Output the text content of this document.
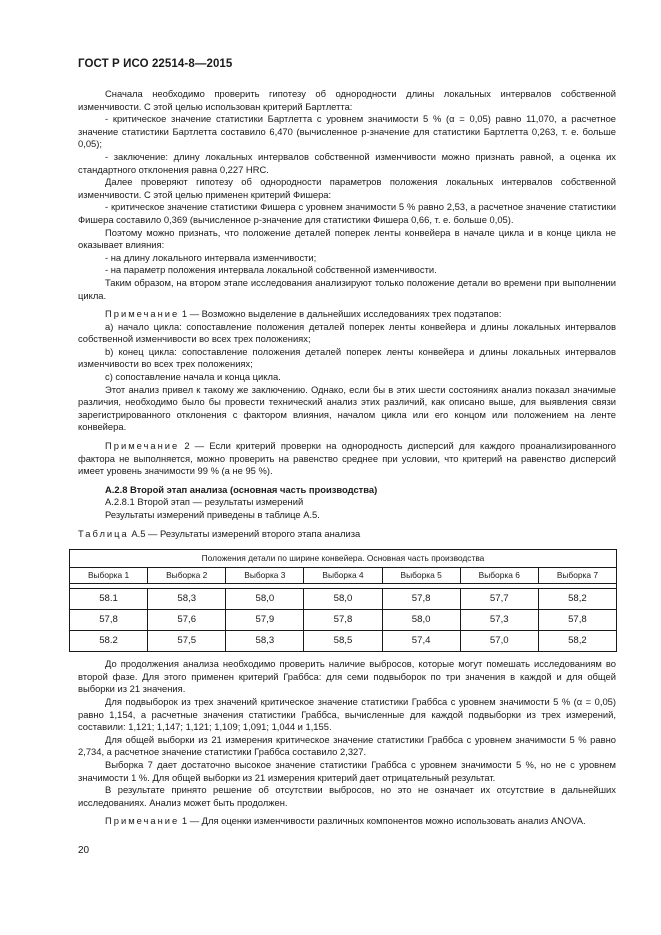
ГОСТ Р ИСО 22514-8—2015

Сначала необходимо проверить гипотезу об однородности длины локальных интервалов собственной изменчивости. С этой целью использован критерий Бартлетта:

- критическое значение статистики Бартлетта с уровнем значимости 5 % (α = 0,05) равно 11,070, а расчетное значение статистики Бартлетта составило 6,470 (вычисленное p-значение для статистики Бартлетта 0,263, т. е. больше 0,05);

- заключение: длину локальных интервалов собственной изменчивости можно признать равной, а оценка их стандартного отклонения равна 0,227 HRC.

Далее проверяют гипотезу об однородности параметров положения локальных интервалов собственной изменчивости. С этой целью применен критерий Фишера:

- критическое значение статистики Фишера с уровнем значимости 5 % равно 2,53, а расчетное значение статистики Фишера составило 0,369 (вычисленное p-значение для статистики Фишера 0,66, т. е. больше 0,05).

Поэтому можно признать, что положение деталей поперек ленты конвейера в начале цикла и в конце цикла не оказывает влияния:

- на длину локального интервала изменчивости;

- на параметр положения интервала локальной собственной изменчивости.

Таким образом, на втором этапе исследования анализируют только положение детали во времени при выполнении цикла.

Примечание 1 — Возможно выделение в дальнейших исследованиях трех подэтапов:

а) начало цикла: сопоставление положения деталей поперек ленты конвейера и длины локальных интервалов собственной изменчивости во всех трех положениях;

b) конец цикла: сопоставление положения деталей поперек ленты конвейера и длины локальных интервалов изменчивости во всех трех положениях;

с) сопоставление начала и конца цикла.

Этот анализ привел к такому же заключению. Однако, если бы в этих шести состояниях анализ показал значимые различия, необходимо было бы провести технический анализ этих различий, как описано выше, для выявления связи зарегистрированного отклонения с фактором влияния, началом цикла или его концом или положением на ленте конвейера.

Примечание 2 — Если критерий проверки на однородность дисперсий для каждого проанализированного фактора не выполняется, можно проверить на равенство среднее при условии, что критерий на равенство дисперсий имеет уровень значимости 99 % (а не 95 %).

А.2.8 Второй этап анализа (основная часть производства)

А.2.8.1 Второй этап — результаты измерений

Результаты измерений приведены в таблице А.5.

Таблица А.5 — Результаты измерений второго этапа анализа

Положения детали по ширине конвейера. Основная часть производства						
Выборка 1	Выборка 2	Выборка 3	Выборка 4	Выборка 5	Выборка 6	Выборка 7

58.1	58,3	58,0	58,0	57,8	57,7	58,2
57,8	57,6	57,9	57,8	58,0	57,3	57,8
58.2	57,5	58,3	58,5	57,4	57,0	58,2

До продолжения анализа необходимо проверить наличие выбросов, которые могут помешать исследованиям во второй фазе. Для этого применен критерий Граббса: для семи подвыборок по три значения в каждой и для общей выборки из 21 значения.

Для подвыборок из трех значений критическое значение статистики Граббса с уровнем значимости 5 % (α = 0,05) равно 1,154, а расчетные значения статистики Граббса, вычисленные для каждой подвыборки из трех измерений, составили: 1,121; 1,147; 1,121; 1,109; 1,091; 1,044 и 1,155.

Для общей выборки из 21 измерения критическое значение статистики Граббса с уровнем значимости 5 % равно 2,734, а расчетное значение статистики Граббса составило 2,327.

Выборка 7 дает достаточно высокое значение статистики Граббса с уровнем значимости 5 %, но не с уровнем значимости 1 %. Для общей выборки из 21 измерения критерий дает отрицательный результат.

В результате принято решение об отсутствии выбросов, но это не означает их отсутствие в дальнейших исследованиях. Анализ может быть продолжен.

Примечание 1 — Для оценки изменчивости различных компонентов можно использовать анализ ANOVA.

20
